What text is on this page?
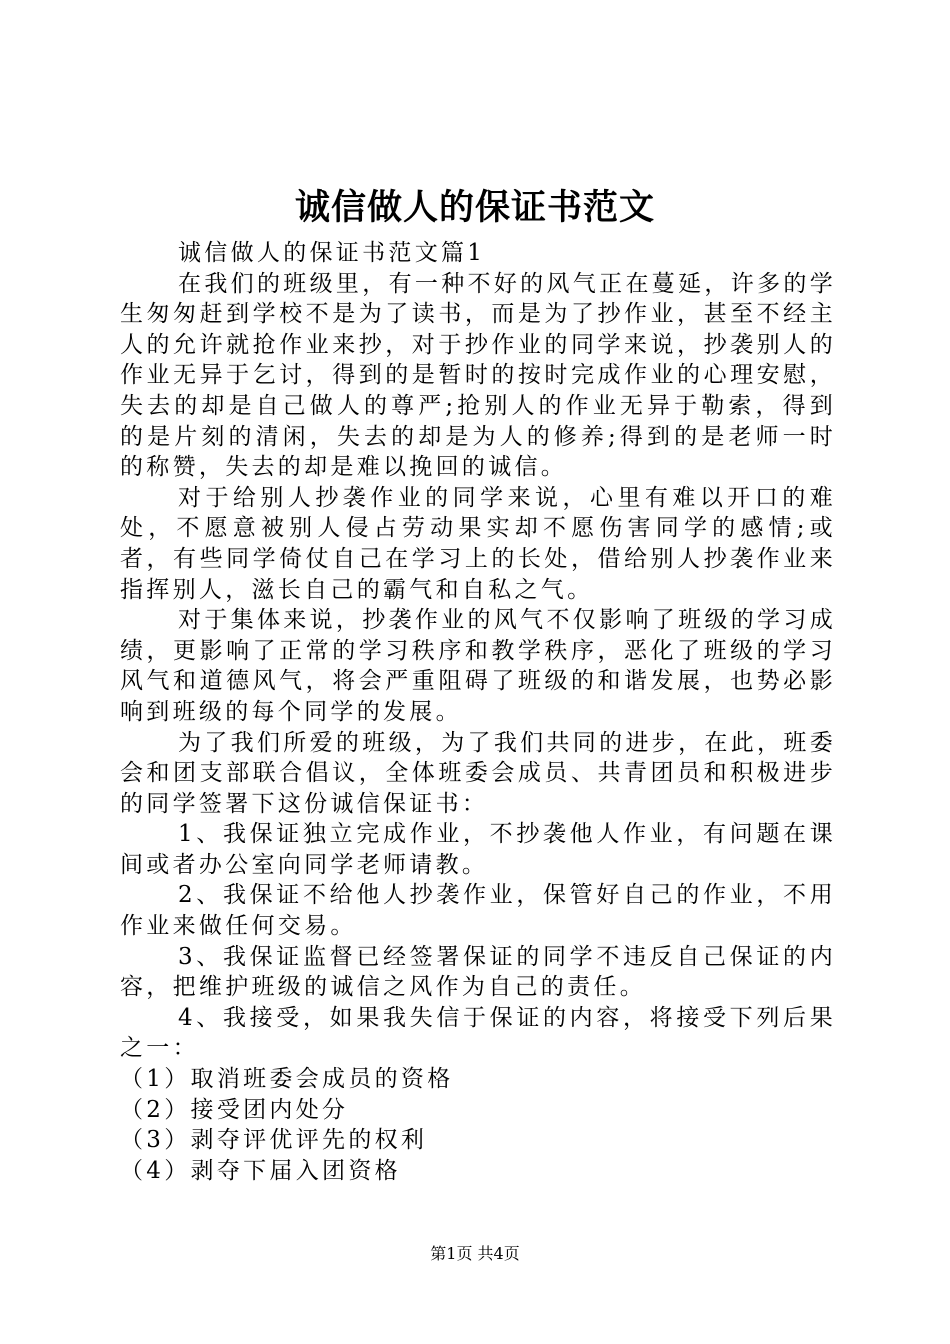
诚信做人的保证书范文

诚信做人的保证书范文篇1

在我们的班级里，有一种不好的风气正在蔓延，许多的学生匆匆赶到学校不是为了读书，而是为了抄作业，甚至不经主人的允许就抢作业来抄，对于抄作业的同学来说，抄袭别人的作业无异于乞讨，得到的是暂时的按时完成作业的心理安慰，失去的却是自己做人的尊严;抢别人的作业无异于勒索，得到的是片刻的清闲，失去的却是为人的修养;得到的是老师一时的称赞，失去的却是难以挽回的诚信。

对于给别人抄袭作业的同学来说，心里有难以开口的难处，不愿意被别人侵占劳动果实却不愿伤害同学的感情;或者，有些同学倚仗自己在学习上的长处，借给别人抄袭作业来指挥别人，滋长自己的霸气和自私之气。

对于集体来说，抄袭作业的风气不仅影响了班级的学习成绩，更影响了正常的学习秩序和教学秩序，恶化了班级的学习风气和道德风气，将会严重阻碍了班级的和谐发展，也势必影响到班级的每个同学的发展。

为了我们所爱的班级，为了我们共同的进步，在此，班委会和团支部联合倡议，全体班委会成员、共青团员和积极进步的同学签署下这份诚信保证书：

1、我保证独立完成作业，不抄袭他人作业，有问题在课间或者办公室向同学老师请教。

2、我保证不给他人抄袭作业，保管好自己的作业，不用作业来做任何交易。

3、我保证监督已经签署保证的同学不违反自己保证的内容，把维护班级的诚信之风作为自己的责任。

4、我接受，如果我失信于保证的内容，将接受下列后果之一：

（1）取消班委会成员的资格

（2）接受团内处分

（3）剥夺评优评先的权利

（4）剥夺下届入团资格

第1页 共4页
